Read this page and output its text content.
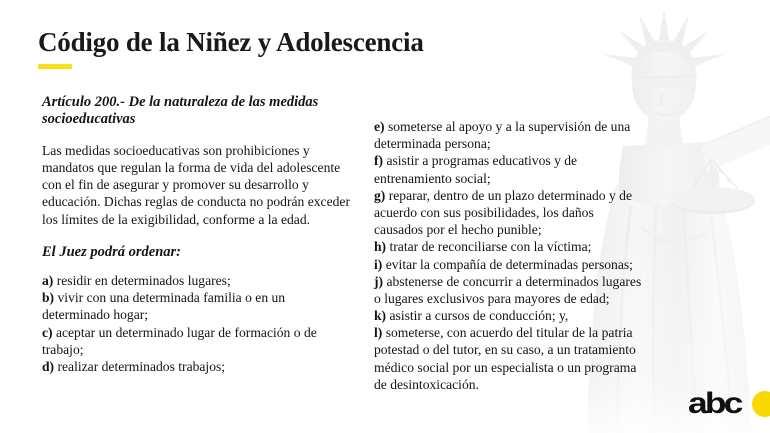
Código de la Niñez y Adolescencia
Artículo 200.- De la naturaleza de las medidas socioeducativas

Las medidas socioeducativas son prohibiciones y mandatos que regulan la forma de vida del adolescente con el fin de asegurar y promover su desarrollo y educación. Dichas reglas de conducta no podrán exceder los límites de la exigibilidad, conforme a la edad.

El Juez podrá ordenar:
a) residir en determinados lugares;
b) vivir con una determinada familia o en un determinado hogar;
c) aceptar un determinado lugar de formación o de trabajo;
d) realizar determinados trabajos;
e) someterse al apoyo y a la supervisión de una determinada persona;
f) asistir a programas educativos y de entrenamiento social;
g) reparar, dentro de un plazo determinado y de acuerdo con sus posibilidades, los daños causados por el hecho punible;
h) tratar de reconciliarse con la víctima;
i) evitar la compañía de determinadas personas;
j) abstenerse de concurrir a determinados lugares o lugares exclusivos para mayores de edad;
k) asistir a cursos de conducción; y,
l) someterse, con acuerdo del titular de la patria potestad o del tutor, en su caso, a un tratamiento médico social por un especialista o un programa de desintoxicación.
abc
